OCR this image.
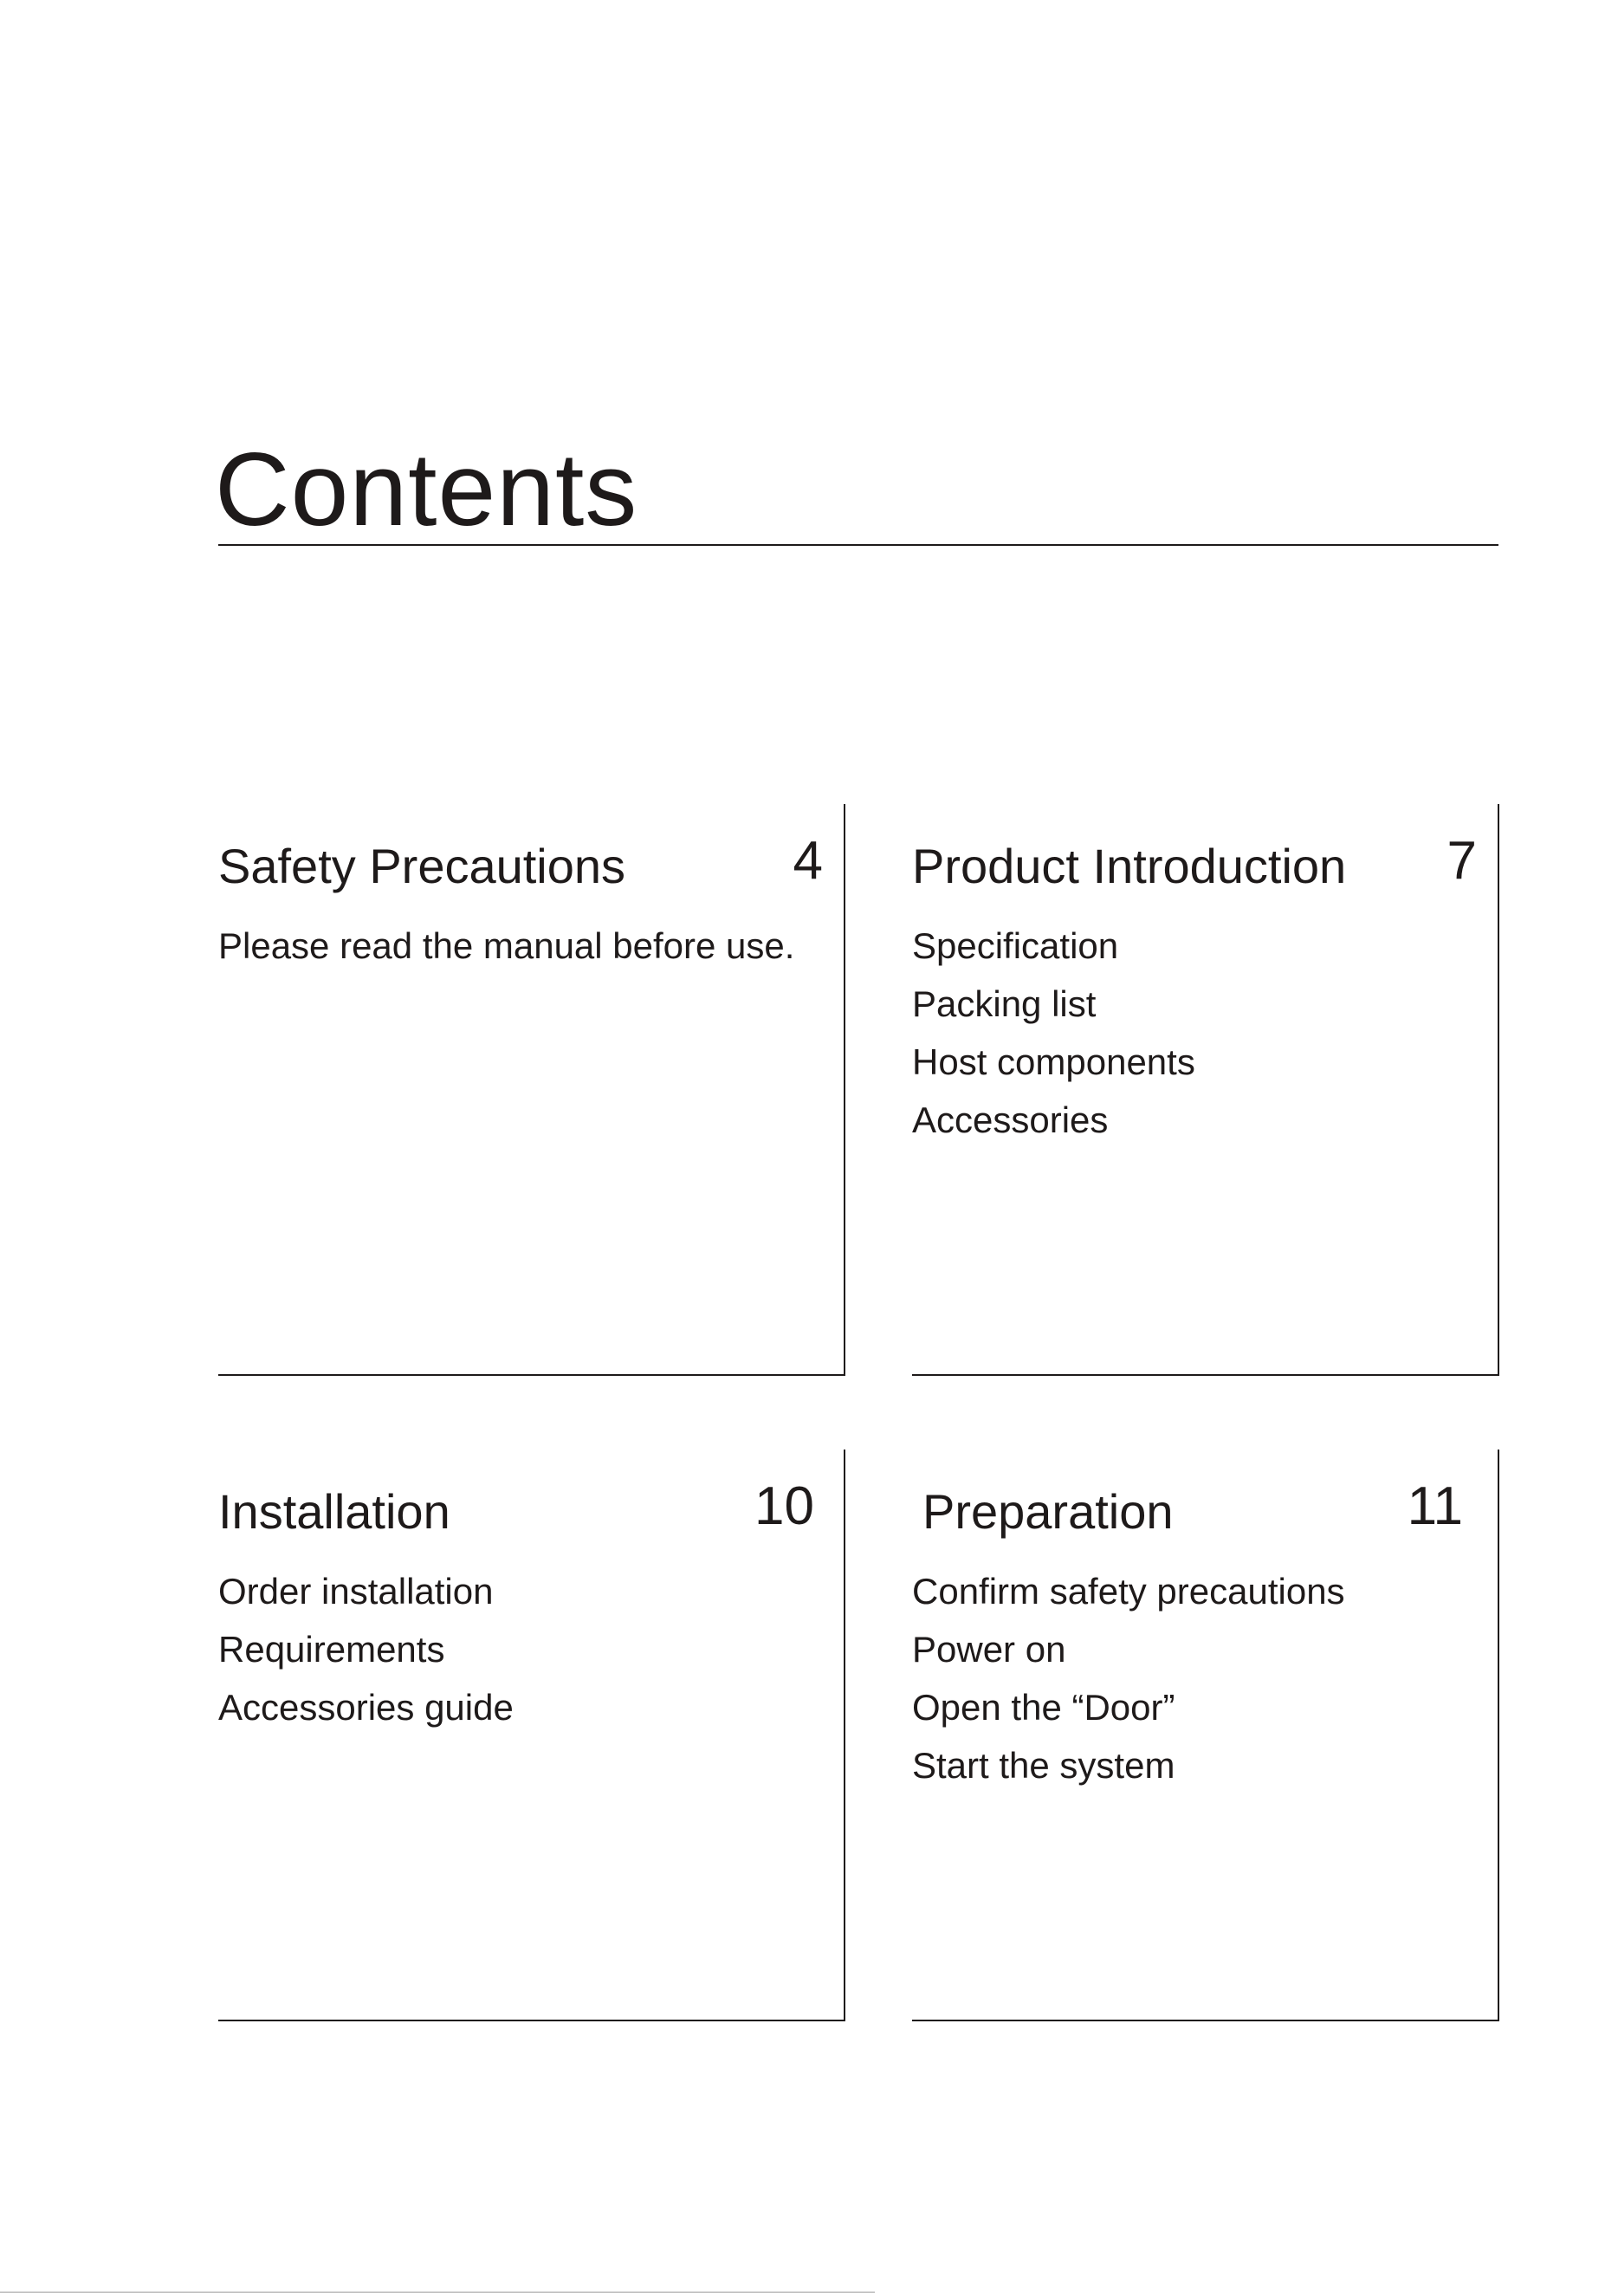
Contents
Safety Precautions	4
Please read the manual before use.
Product Introduction 7
Specification
Packing list
Host components
Accessories
Installation	10
Order installation
Requirements
Accessories guide
Preparation	11
Confirm safety precautions
Power on
Open the “Door”
Start the system
